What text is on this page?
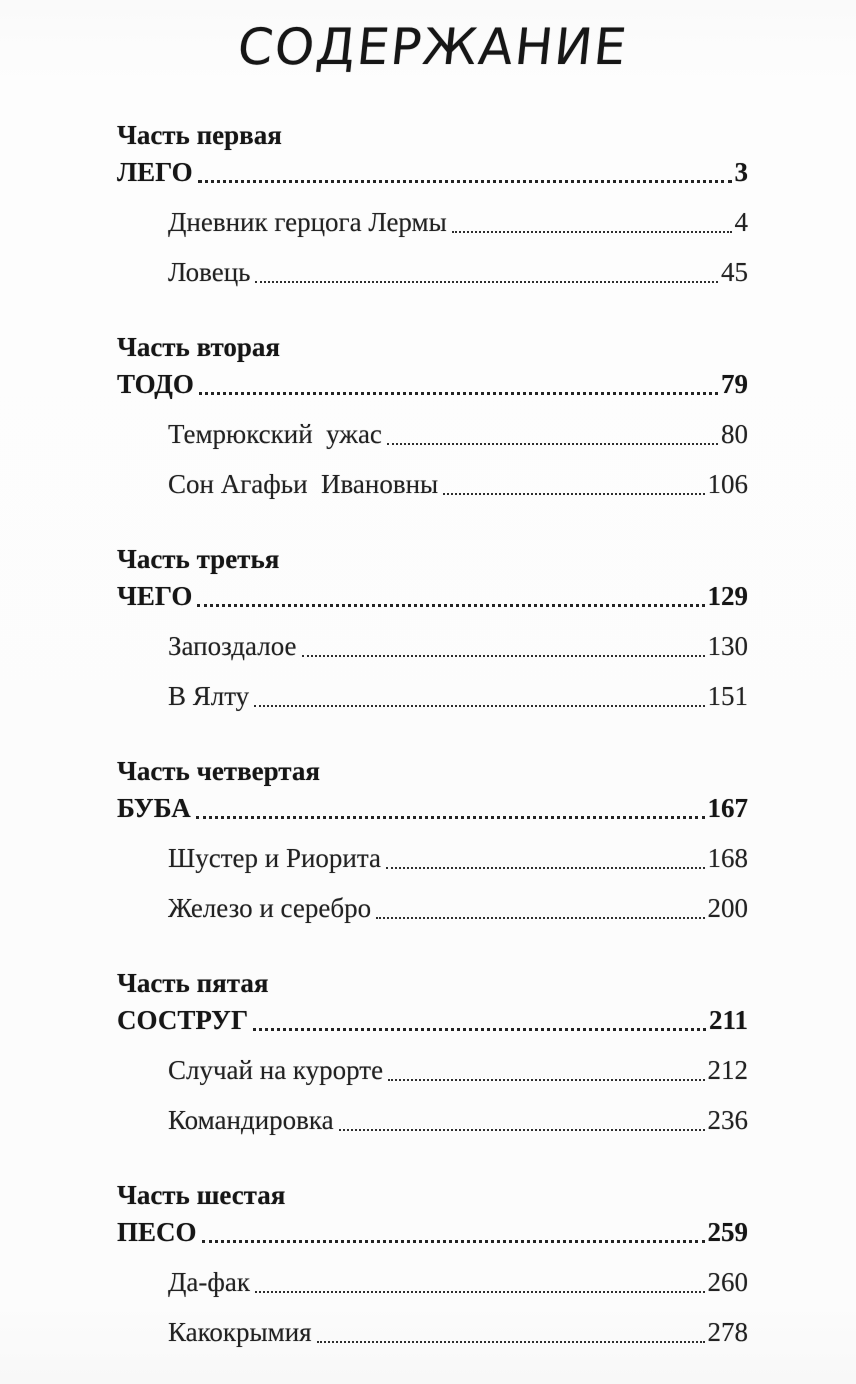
СОДЕРЖАНИЕ
Часть первая
ЛЕГО	3
Дневник герцога Лермы	4
Ловець	45
Часть вторая
ТОДО	79
Темрюкский  ужас	80
Сон Агафьи  Ивановны	106
Часть третья
ЧЕГО	129
Запоздалое	130
В Ялту	151
Часть четвертая
БУБА	167
Шустер и Риорита	168
Железо и серебро	200
Часть пятая
СОСТРУГ	211
Случай на курорте	212
Командировка	236
Часть шестая
ПЕСО	259
Да-фак	260
Какокрымия	278
